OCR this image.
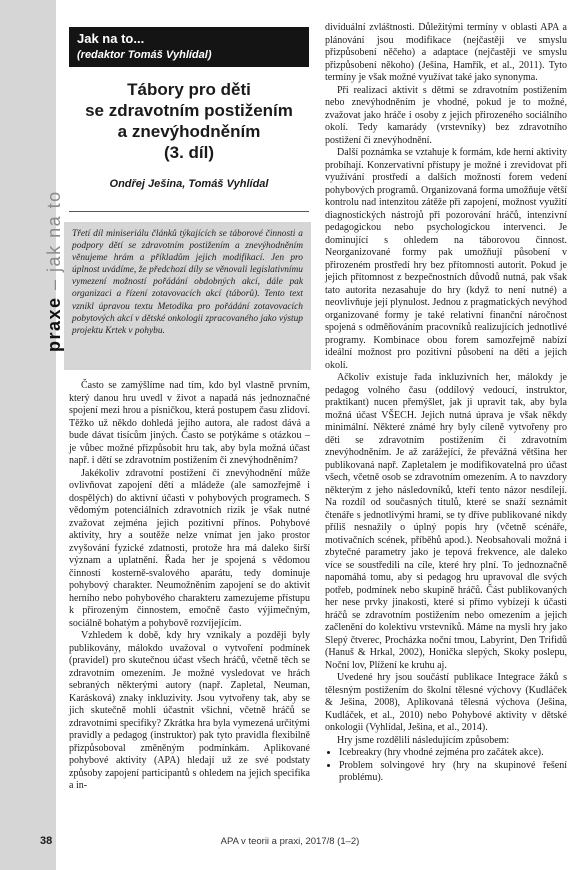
praxe – jak na to
Jak na to...
(redaktor Tomáš Vyhlídal)
Tábory pro děti
se zdravotním postižením
a znevýhodněním
(3. díl)
Ondřej Ješina, Tomáš Vyhlídal
Třetí díl miniseriálu článků týkajících se táborové činnosti a podpory dětí se zdravotním postižením a znevýhodněním věnujeme hrám a příkladům jejich modifikací. Jen pro úplnost uvádíme, že předchozí díly se věnovali legislativnímu vymezení možností pořádání obdobných akcí, dále pak organizaci a řízení zotavovacích akcí (táborů). Tento text vznikl úpravou textu Metodika pro pořádání zotavovacích pobytových akcí v dětské onkologii zpracovaného jako výstup projektu Krtek v pohybu.

Často se zamýšlíme nad tím, kdo byl vlastně prvním, který danou hru uvedl v život a napadá nás jednoznačné spojení mezi hrou a písničkou, která postupem času zlidoví. Těžko už někdo dohledá jejího autora, ale radost dává a bude dávat tisícům jiných. Často se potýkáme s otázkou – je vůbec možné přizpůsobit hru tak, aby byla možná účast např. i dětí se zdravotním postižením či znevýhodněním?

Jakékoliv zdravotní postižení či znevýhodnění může ovlivňovat zapojení dětí a mládeže (ale samozřejmě i dospělých) do aktivní účasti v pohybových programech. S vědomým potenciálních zdravotních rizik je však nutné zvažovat zejména jejich pozitivní přínos. Pohybové aktivity, hry a soutěže nelze vnímat jen jako prostor zvyšování fyzické zdatnosti, protože hra má daleko širší význam a uplatnění. Řada her je spojená s vědomou činností kosterně-svalového aparátu, tedy dominuje pohybový charakter. Neumožněním zapojení se do aktivit herního nebo pohybového charakteru zamezujeme přístupu k přirozeným činnostem, emočně často výjimečným, sociálně bohatým a pohybově rozvíjejícím.

Vzhledem k době, kdy hry vznikaly a později byly publikovány, málokdo uvažoval o vytvoření podmínek (pravidel) pro skutečnou účast všech hráčů, včetně těch se zdravotním omezením. Je možné vysledovat ve hrách sebraných některými autory (např. Zapletal, Neuman, Karásková) znaky inkluzivity. Jsou vytvořeny tak, aby se jich skutečně mohli účastnit všichni, včetně hráčů se zdravotními specifiky? Zkrátka hra byla vymezená určitými pravidly a pedagog (instruktor) pak tyto pravidla flexibilně přizpůsoboval změněným podmínkám. Aplikované pohybové aktivity (APA) hledají už ze své podstaty způsoby zapojení participantů s ohledem na jejich specifika a in-

dividuální zvláštnosti. Důležitými termíny v oblasti APA a plánování jsou modifikace (nejčastěji ve smyslu přizpůsobení něčeho) a adaptace (nejčastěji ve smyslu přizpůsobení někoho) (Ješina, Hamřík, et al., 2011). Tyto termíny je však možné využívat také jako synonyma.

Při realizaci aktivit s dětmi se zdravotním postižením nebo znevýhodněním je vhodné, pokud je to možné, zvažovat jako hráče i osoby z jejich přirozeného sociálního okolí. Tedy kamarády (vrstevníky) bez zdravotního postižení či znevýhodnění.

Další poznámka se vztahuje k formám, kde herní aktivity probíhají. Konzervativní přístupy je možné i zrevidovat při využívání prostředí a dalších možností forem vedení pohybových programů. Organizovaná forma umožňuje větší kontrolu nad intenzitou zátěže při zapojení, možnost využití diagnostických nástrojů při pozorování hráčů, intenzivní pedagogickou nebo psychologickou intervenci. Je dominující s ohledem na táborovou činnost. Neorganizované formy pak umožňují působení v přirozeném prostředí hry bez přítomnosti autorit. Pokud je jejich přítomnost z bezpečnostních důvodů nutná, pak však tato autorita nezasahuje do hry (když to není nutné) a neovlivňuje její plynulost. Jednou z pragmatických nevýhod organizované formy je také relativní finanční náročnost spojená s odměňováním pracovníků realizujících jednotlivé programy. Kombinace obou forem samozřejmě nabízí ideální možnost pro pozitivní působení na děti a jejich okolí.

Ačkoliv existuje řada inkluzivních her, málokdy je pedagog volného času (oddílový vedoucí, instruktor, praktikant) nucen přemýšlet, jak ji upravit tak, aby byla možná účast VŠECH. Jejich nutná úprava je však někdy minimální. Některé známé hry byly cíleně vytvořeny pro děti se zdravotním postižením či zdravotním znevýhodněním. Je až zarážející, že převážná většina her publikovaná např. Zapletalem je modifikovatelná pro účast všech, včetně osob se zdravotním omezením. A to navzdory některým z jeho následovníků, kteří tento názor nesdílejí. Na rozdíl od současných titulů, které se snaží seznámit čtenáře s jednotlivými hrami, se ty dříve publikované nikdy příliš nesnažily o úplný popis hry (včetně scénáře, motivačních scének, příběhů apod.). Neobsahovali možná i zbytečné parametry jako je tepová frekvence, ale daleko více se soustředili na cíle, které hry plní. To jednoznačně napomáhá tomu, aby si pedagog hru upravoval dle svých potřeb, podmínek nebo skupině hráčů. Část publikovaných her nese prvky jinakosti, které si přímo vybízejí k účasti hráčů se zdravotním postižením nebo omezením a jejich začlenění do kolektivu vrstevníků. Máme na mysli hry jako Slepý čtverec, Procházka noční tmou, Labyrint, Den Trifidů (Hanuš & Hrkal, 2002), Honička slepých, Skoky poslepu, Noční lov, Plížení ke kruhu aj.

Uvedené hry jsou součástí publikace Integrace žáků s tělesným postižením do školní tělesné výchovy (Kudláček & Ješina, 2008), Aplikovaná tělesná výchova (Ješina, Kudláček, et al., 2010) nebo Pohybové aktivity v dětské onkologii (Vyhlídal, Ješina, et al., 2014).

Hry jsme rozdělili následujícím způsobem:

• Icebreakry (hry vhodné zejména pro začátek akce).
• Problem solvingové hry (hry na skupinové řešení problému).
38	APA v teorii a praxi, 2017/8 (1–2)
